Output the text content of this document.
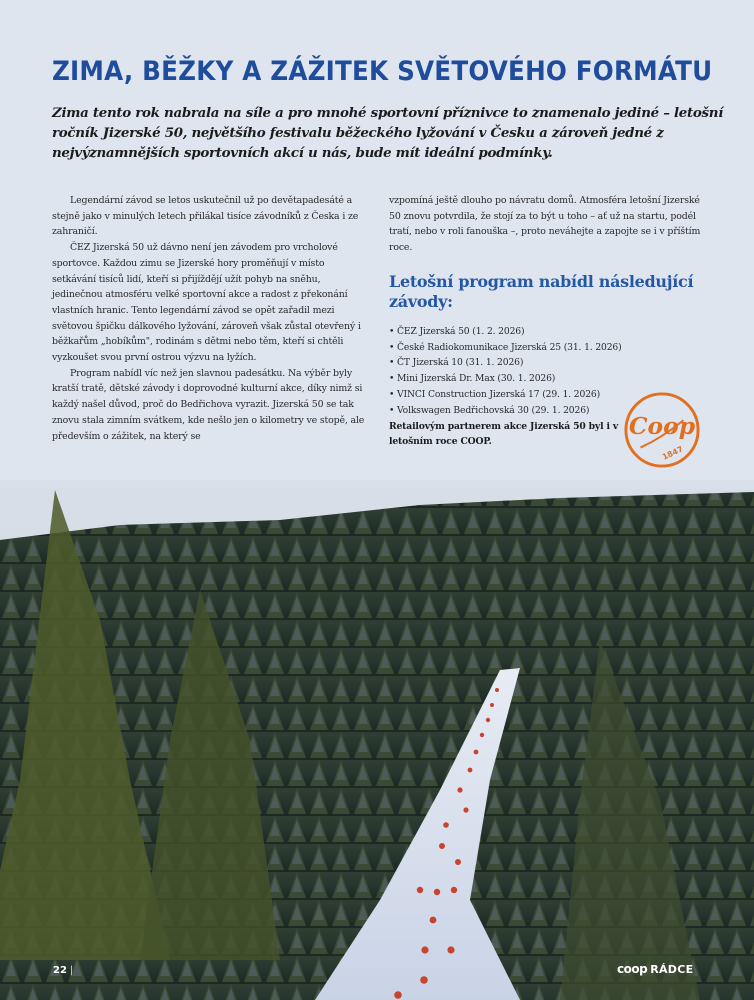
ZIMA, BĚŽKY A ZÁŽITEK SVĚTOVÉHO FORMÁTU

Zima tento rok nabrala na síle a pro mnohé sportovní příznivce to znamenalo jediné – letošní ročník Jizerské 50, největšího festivalu běžeckého lyžování v Česku a zároveň jedné z nejvýznamnějších sportovních akcí u nás, bude mít ideální podmínky.

Legendární závod se letos uskutečnil už po devětapadesáté a stejně jako v minulých letech přilákal tisíce závodníků z Česka i ze zahraničí.

ČEZ Jizerská 50 už dávno není jen závodem pro vrcholové sportovce. Každou zimu se Jizerské hory proměňují v místo setkávání tisíců lidí, kteří si přijíždějí užít pohyb na sněhu, jedinečnou atmosféru velké sportovní akce a radost z překonání vlastních hranic. Tento legendární závod se opět zařadil mezi světovou špičku dálkového lyžování, zároveň však zůstal otevřený i běžkařům „hobíkům", rodinám s dětmi nebo těm, kteří si chtěli vyzkoušet svou první ostrou výzvu na lyžích.

Program nabídl víc než jen slavnou padesátku. Na výběr byly kratší tratě, dětské závody i doprovodné kulturní akce, díky nimž si každý našel důvod, proč do Bedřichova vyrazit. Jizerská 50 se tak znovu stala zimním svátkem, kde nešlo jen o kilometry ve stopě, ale především o zážitek, na který se

vzpomíná ještě dlouho po návratu domů. Atmosféra letošní Jizerské 50 znovu potvrdila, že stojí za to být u toho – ať už na startu, podél tratí, nebo v roli fanouška –, proto neváhejte a zapojte se i v příštím roce.

Letošní program nabídl následující závody:
• ČEZ Jizerská 50 (1. 2. 2026)
• České Radiokomunikace Jizerská 25 (31. 1. 2026)
• ČT Jizerská 10 (31. 1. 2026)
• Mini Jizerská Dr. Max (30. 1. 2026)
• VINCI Construction Jizerská 17 (29. 1. 2026)
• Volkswagen Bedřichovská 30 (29. 1. 2026)

Retailovým partnerem akce Jizerská 50 byl i v letošním roce COOP.

Coop
1847
22 |	coop RÁDCE
